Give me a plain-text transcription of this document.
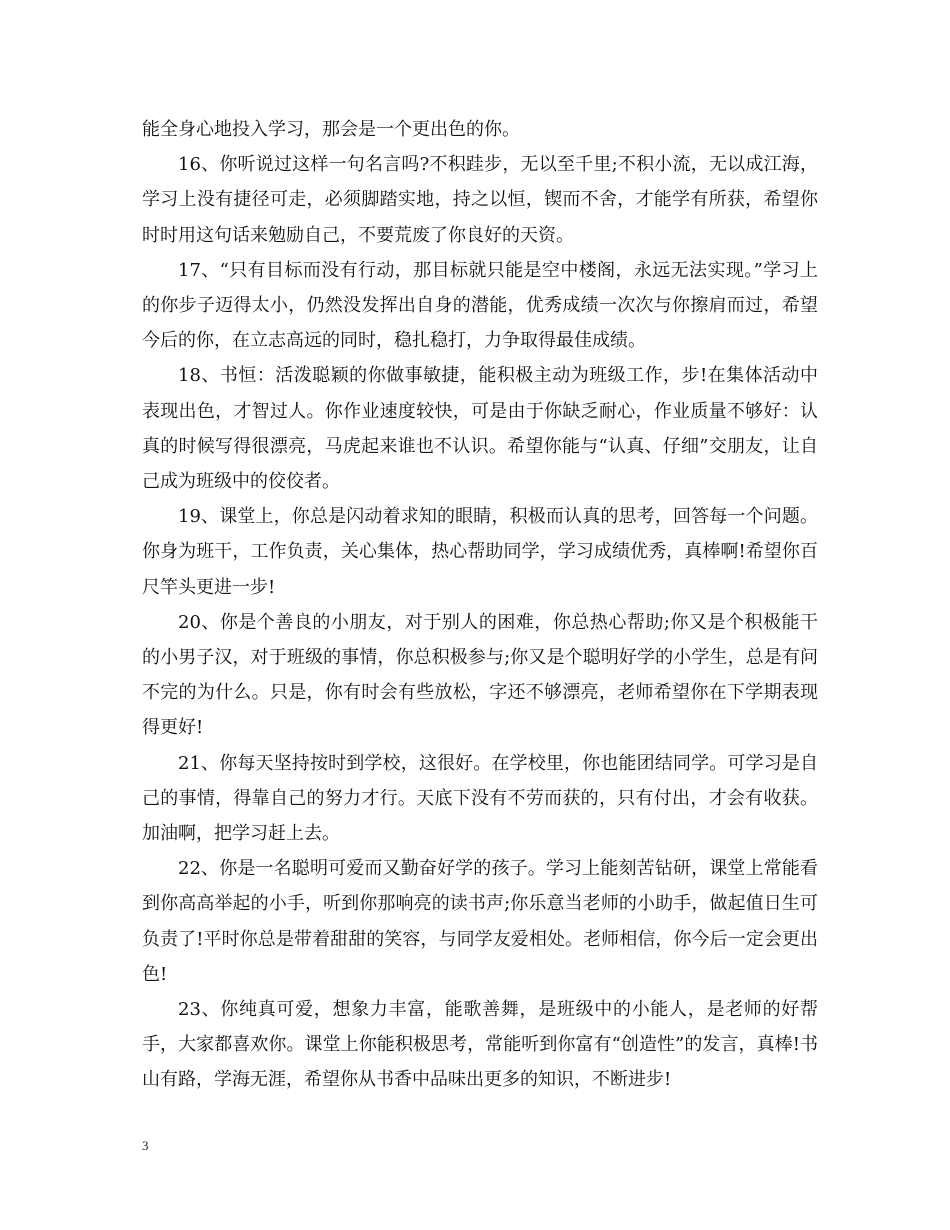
能全身心地投入学习，那会是一个更出色的你。

16、你听说过这样一句名言吗?不积跬步，无以至千里;不积小流，无以成江海，学习上没有捷径可走，必须脚踏实地，持之以恒，锲而不舍，才能学有所获，希望你时时用这句话来勉励自己，不要荒废了你良好的天资。

17、“只有目标而没有行动，那目标就只能是空中楼阁，永远无法实现。”学习上的你步子迈得太小，仍然没发挥出自身的潜能，优秀成绩一次次与你擦肩而过，希望今后的你，在立志高远的同时，稳扎稳打，力争取得最佳成绩。

18、书恒：活泼聪颖的你做事敏捷，能积极主动为班级工作，步!在集体活动中表现出色，才智过人。你作业速度较快，可是由于你缺乏耐心，作业质量不够好：认真的时候写得很漂亮，马虎起来谁也不认识。希望你能与“认真、仔细”交朋友，让自己成为班级中的佼佼者。

19、课堂上，你总是闪动着求知的眼睛，积极而认真的思考，回答每一个问题。你身为班干，工作负责，关心集体，热心帮助同学，学习成绩优秀，真棒啊!希望你百尺竿头更进一步!

20、你是个善良的小朋友，对于别人的困难，你总热心帮助;你又是个积极能干的小男子汉，对于班级的事情，你总积极参与;你又是个聪明好学的小学生，总是有问不完的为什么。只是，你有时会有些放松，字还不够漂亮，老师希望你在下学期表现得更好!

21、你每天坚持按时到学校，这很好。在学校里，你也能团结同学。可学习是自己的事情，得靠自己的努力才行。天底下没有不劳而获的，只有付出，才会有收获。加油啊，把学习赶上去。

22、你是一名聪明可爱而又勤奋好学的孩子。学习上能刻苦钻研，课堂上常能看到你高高举起的小手，听到你那响亮的读书声;你乐意当老师的小助手，做起值日生可负责了!平时你总是带着甜甜的笑容，与同学友爱相处。老师相信，你今后一定会更出色!

23、你纯真可爱，想象力丰富，能歌善舞，是班级中的小能人，是老师的好帮手，大家都喜欢你。课堂上你能积极思考，常能听到你富有“创造性”的发言，真棒!书山有路，学海无涯，希望你从书香中品味出更多的知识，不断进步!

3
